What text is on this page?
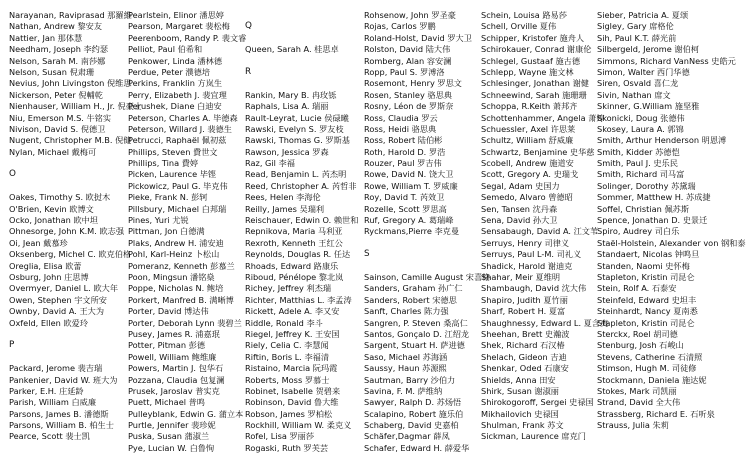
Narayanan, Raviprasad 那羅維
Nathan, Andrew 黎安友
Nattier, Jan 那体慧
Needham, Joseph 李约瑟
Nelson, Sarah M. 南莎娜
Nelson, Susan 倪肃珊
Nevius, John Livingston 倪维思
Nickerson, Peter 倪輔乾
Nienhauser, William H., Jr. 倪豪士
Niu, Emerson M.S. 牛铭实
Nivison, David S. 倪德卫
Nugent, Christopher M.B. 倪健
Nylan, Michael 戴梅可
O
Oakes, Timothy S. 欧挝木
O'Brien, Kevin 欧博文
Ocko, Jonathan 欧中坦
Ohnesorge, John K.M. 欧志强
Oi, Jean 戴慕珍
Oksenberg, Michel C. 欧克伯格
Oreglia, Elisa 欧蕾
Osburg, John 庄思博
Overmyer, Daniel L. 欧大年
Owen, Stephen 宇文所安
Ownby, David A. 王大为
Oxfeld, Ellen 欧爱玲
P
Packard, Jerome 裴吉瑞
Pankenier, David W. 班大为
Parker, E.H. 庄延龄
Parish, William 白威廉
Parsons, James B. 潘德斯
Parsons, William B. 柏生士
Pearce, Scott 裴士凯
Pearlstein, Elinor 潘思婷
Pearson, Margaret 裴松梅
Peerenboom, Randy P. 裴文睿
Pelliot, Paul 伯希和
Penkower, Linda 潘林德
Perdue, Peter 濮德培
Perkins, Franklin 方岚生
Perry, Elizabeth J. 裴宜理
Perushek, Diane 白迪安
Peterson, Charles A. 毕德森
Peterson, Willard J. 裴德生
Petrucci, Raphaël 佩初茲
Phillips, Steven 費世文
Phillips, Tina 費婷
Picken, Laurence 毕铿
Pickowicz, Paul G. 毕克伟
Pieke, Frank N. 彭轲
Pillsbury, Michael 白邦瑞
Pines, Yuri 尤锐
Pittman, Jon 白德满
Plaks, Andrew H. 浦安迪
Pohl, Karl-Heinz 卜松山
Pomeranz, Kenneth 彭慕兰
Poon, Mingsun 潘铭燊
Poppe, Nicholas N. 鲍培
Porkert, Manfred B. 满晰博
Porter, David 博达伟
Porter, Deborah Lynn 裴碧兰
Pusey, James R. 浦嘉珉
Potter, Pitman 彭德
Powell, William 鲍维廉
Powers, Martin J. 包华石
Pozzana, Claudia 包复澜
Prusek, Jaroslav 普实克
Puett, Michael 普鸣
Pulleyblank, Edwin G. 蒲立本
Purtle, Jennifer 裴珍妮
Puska, Susan 蒲淑兰
Pye, Lucian W. 白鲁恂
Q
Queen, Sarah A. 桂思卓
R
Rankin, Mary B. 冉玫铄
Raphals, Lisa A. 瑞丽
Rault-Leyrat, Lucie 侯碌曦
Rawski, Evelyn S. 罗友枝
Rawski, Thomas G. 罗斯基
Rawson, Jessica 罗森
Raz, Gil 李福
Read, Benjamin L. 芮杰明
Reed, Christopher A. 芮哲非
Rees, Helen 李海伦
Reilly, James 吴瑞利
Reischauer, Edwin O. 赖世和
Repnikova, Maria 马利亚
Rexroth, Kenneth 王红公
Reynolds, Douglas R. 任达
Rhoads, Edward 路康乐
Riboud, Pénélope 黎北岚
Richey, Jeffrey 利杰瑞
Richter, Matthias L. 李孟涛
Rickett, Adele A. 李又安
Riddle, Ronald 李斗
Riegel, Jeffrey K. 王安国
Riely, Celia C. 李慧闻
Riftin, Boris L. 李福清
Ristaino, Marcia 阮玛霞
Roberts, Moss 罗慕士
Robinet, Isabelle 贺碧来
Robinson, David 鲁大维
Robson, James 罗柏松
Rockhill, William W. 柔克义
Rofel, Lisa 罗丽莎
Rogaski, Ruth 罗芙芸
Rohsenow, John 罗圣豪
Rojas, Carlos 罗鹏
Roland-Holst, David 罗大卫
Rolston, David 陆大伟
Romberg, Alan 容安澜
Ropp, Paul S. 罗溥洛
Rosemont, Henry 罗思文
Rosen, Stanley 骆思典
Rosny, Léon de 罗斯奈
Ross, Claudia 罗云
Ross, Heidi 骆思典
Ross, Robert 陆伯彬
Roth, Harold D. 罗浩
Rouzer, Paul 罗吉伟
Rowe, David N. 饶大卫
Rowe, William T. 罗威廉
Roy, David T. 芮效卫
Rozelle, Scott 罗思高
Ruf, Gregory A. 葛瑞峰
Ryckmans,Pierre 李克曼
S
Sainson, Camille August 宋喜格
Sanders, Graham 孙广仁
Sanders, Robert 宋德思
Sanft, Charles 陈力强
Sangren, P. Steven 桑高仁
Santos, Gonçalo D. 江绍龙
Sargent, Stuart H. 萨进德
Saso, Michael 苏海涵
Saussy, Haun 苏源熙
Sautman, Barry 沙伯力
Savina, F. M. 萨维纳
Sawyer, Ralph D. 苏炀悟
Scalapino, Robert 施乐伯
Schaberg, David 史嘉柏
Schäfer,Dagmar 薛凤
Schafer, Edward H. 薛爱华
Schein, Louisa 路易莎
Schell, Orville 夏伟
Schipper, Kristofer 施舟人
Schirokauer, Conrad 谢康伦
Schlegel, Gustaaf 施古德
Schlepp, Wayne 施文林
Schlesinger, Jonathan 谢健
Schneewind, Sarah 施珊珊
Schoppa, R.Keith 萧邦齐
Schottenhammer, Angela 萧婷
Schuessler, Axel 许思莱
Schultz, William 舒威廉
Schwartz, Benjamine 史华慈
Scobell, Andrew 施道安
Scott, Gregory A. 史瑞戈
Segal, Adam 史国力
Semedo, Alvaro 曾德昭
Sen, Tansen 沈丹森
Sena, David 孙大卫
Sensabaugh, David A. 江文苇
Serruys, Henry 司律义
Serruys, Paul L-M. 司礼义
Shadick, Harold 谢迪克
Shahar, Meir 夏维明
Shambaugh, David 沈大伟
Shapiro, Judith 夏竹丽
Sharf, Robert H. 夏富
Shaughnessy, Edward L. 夏含夷
Sheehan, Brett 史瀚波
Shek, Richard 石汉椿
Shelach, Gideon 吉迪
Shenkar, Oded 石康安
Shields, Anna 田安
Shirk, Susan 谢淑丽
Shirokogoroff, Sergei 史禄国
Mikhailovich 史禄国
Shulman, Frank 苏文
Sickman, Laurence 席克门
Sieber, Patricia A. 夏颂
Sigley, Gary 席格伦
Sih, Paul K.T. 薛光前
Silbergeld, Jerome 谢伯柯
Simmons, Richard VanNess 史皓元
Simon, Walter 西门华德
Siren, Osvald 喜仁龙
Sivin, Nathan 席文
Skinner, G.William 施坚雅
Skonicki, Doug 张德伟
Skosey, Laura A. 郭锦
Smith, Arthur Henderson 明恩溥
Smith, Kidder 苏德恺
Smith, Paul J. 史乐民
Smith, Richard 司马富
Solinger, Dorothy 苏黛瑞
Sommer, Matthew H. 苏成捷
Soffel, Christian 佩苏斯
Spence, Jonathan D. 史景迁
Spiro, Audrey 司白乐
Staël-Holstein, Alexander von 钢和泰
Standaert, Nicolas 钟鸣旦
Standen, Naomi 史怀梅
Stapleton, Kristin 司昆仑
Stein, Rolf A. 石泰安
Steinfeld, Edward 史坦丰
Steinhardt, Nancy 夏南悉
Stapleton, Kristin 司昆仑
Sterckx, Roel 胡司德
Stenburg, Josh 石峻山
Stevens, Catherine 石清照
Stimson, Hugh M. 司徒修
Stockmann, Daniela 施达妮
Stokes, Mark 司凯丽
Strand, David 全大伟
Strassberg, Richard E. 石听泉
Strauss, Julia 朱莉
